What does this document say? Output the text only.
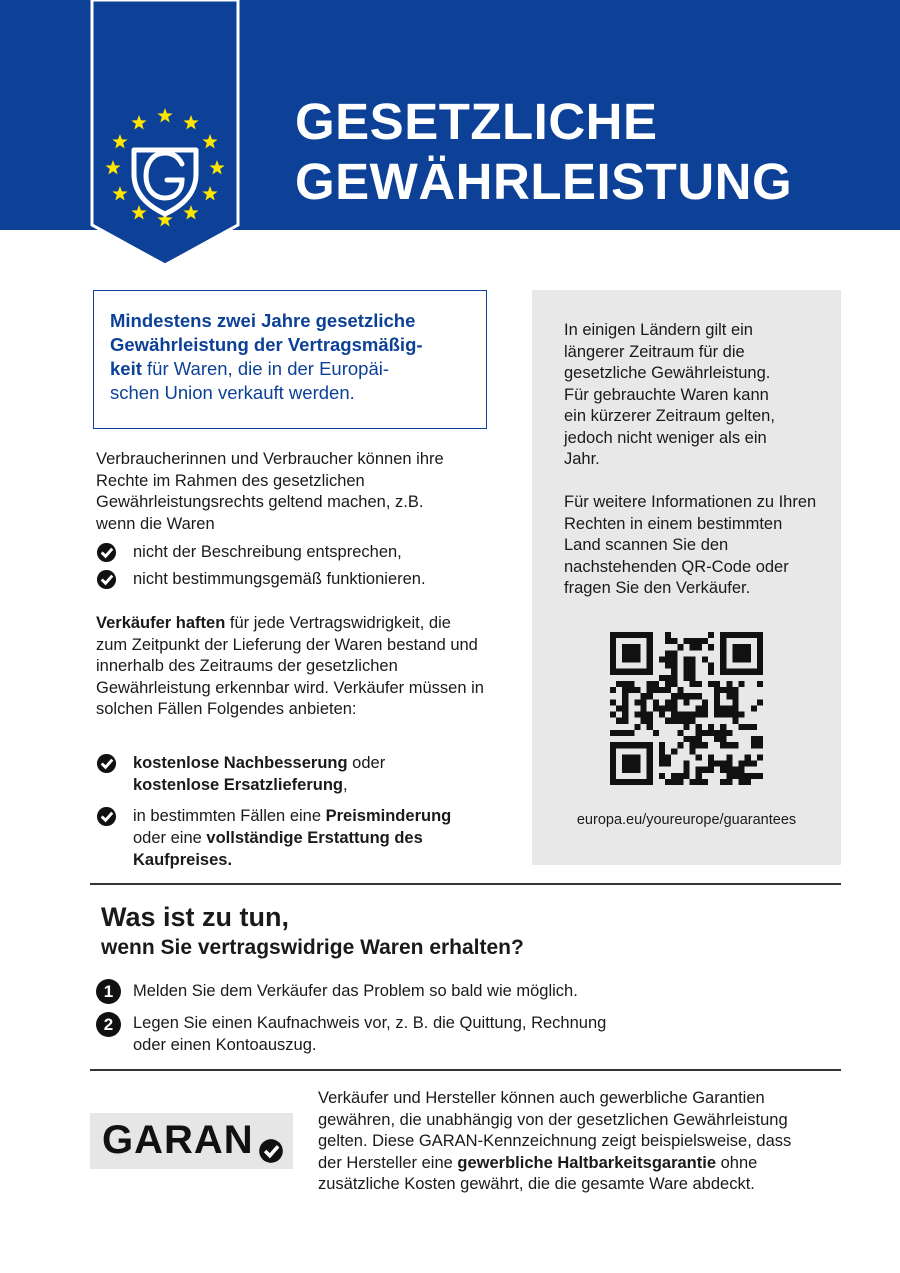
GESETZLICHE
GEWÄHRLEISTUNG
Mindestens zwei Jahre gesetzliche
Gewährleistung der Vertragsmäßig-
keit für Waren, die in der Europäi-
schen Union verkauft werden.
Verbraucherinnen und Verbraucher können ihre Rechte im Rahmen des gesetzlichen Gewährleistungsrechts geltend machen, z.B. wenn die Waren
nicht der Beschreibung entsprechen,
nicht bestimmungsgemäß funktionieren.
Verkäufer haften für jede Vertragswidrigkeit, die zum Zeitpunkt der Lieferung der Waren bestand und innerhalb des Zeitraums der gesetzlichen Gewährleistung erkennbar wird. Verkäufer müssen in solchen Fällen Folgendes anbieten:
kostenlose Nachbesserung oder
kostenlose Ersatzlieferung,
in bestimmten Fällen eine Preisminderung
oder eine vollständige Erstattung des
Kaufpreises.

In einigen Ländern gilt ein längerer Zeitraum für die gesetzliche Gewährleistung. Für gebrauchte Waren kann ein kürzerer Zeitraum gelten, jedoch nicht weniger als ein Jahr.

Für weitere Informationen zu Ihren Rechten in einem bestimmten Land scannen Sie den nachstehenden QR-Code oder fragen Sie den Verkäufer.

europa.eu/youreurope/guarantees
Was ist zu tun,
wenn Sie vertragswidrige Waren erhalten?
1	Melden Sie dem Verkäufer das Problem so bald wie möglich.
2	Legen Sie einen Kaufnachweis vor, z. B. die Quittung, Rechnung
oder einen Kontoauszug.
GARAN
Verkäufer und Hersteller können auch gewerbliche Garantien gewähren, die unabhängig von der gesetzlichen Gewährleistung gelten. Diese GARAN-Kennzeichnung zeigt beispielsweise, dass der Hersteller eine gewerbliche Haltbarkeitsgarantie ohne zusätzliche Kosten gewährt, die die gesamte Ware abdeckt.
